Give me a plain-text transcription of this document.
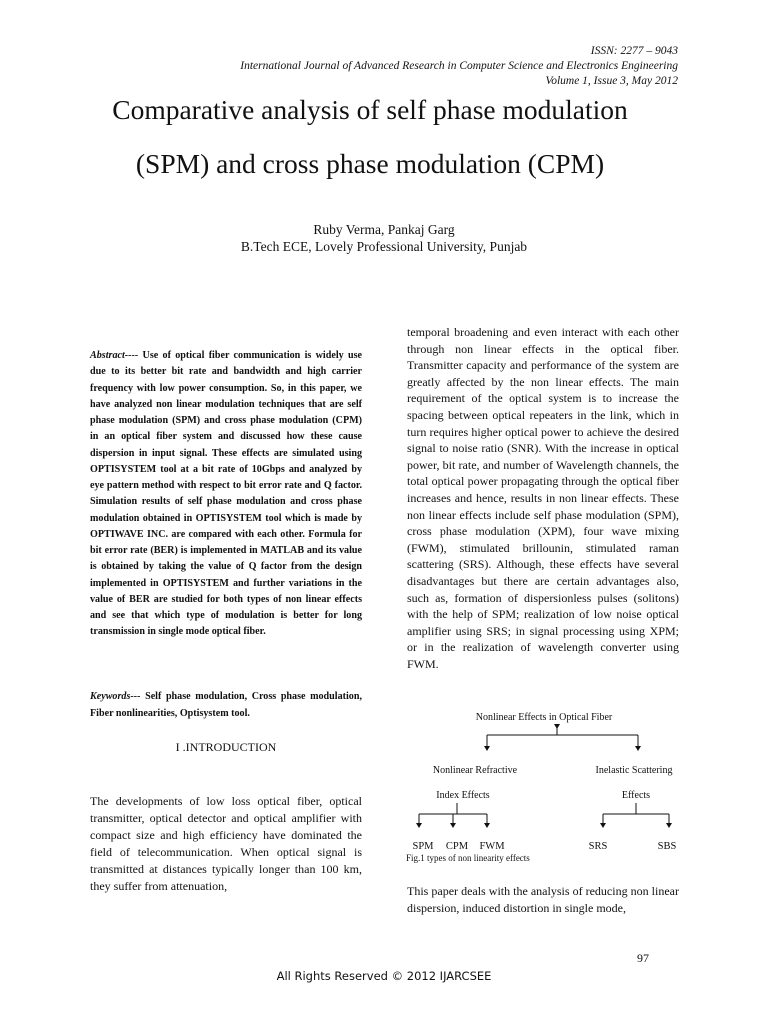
ISSN: 2277 – 9043
International Journal of Advanced Research in Computer Science and Electronics Engineering
Volume 1, Issue 3, May 2012
Comparative analysis of self phase modulation
(SPM) and cross phase modulation (CPM)
Ruby Verma, Pankaj Garg
B.Tech ECE, Lovely Professional University, Punjab

Abstract---- Use of optical fiber communication is widely use due to its better bit rate and bandwidth and high carrier frequency with low power consumption. So, in this paper, we have analyzed non linear modulation techniques that are self phase modulation (SPM) and cross phase modulation (CPM) in an optical fiber system and discussed how these cause dispersion in input signal. These effects are simulated using OPTISYSTEM tool at a bit rate of 10Gbps and analyzed by eye pattern method with respect to bit error rate and Q factor. Simulation results of self phase modulation and cross phase modulation obtained in OPTISYSTEM tool which is made by OPTIWAVE INC. are compared with each other. Formula for bit error rate (BER) is implemented in MATLAB and its value is obtained by taking the value of Q factor from the design implemented in OPTISYSTEM and further variations in the value of BER are studied for both types of non linear effects and see that which type of modulation is better for long transmission in single mode optical fiber.

Keywords--- Self phase modulation, Cross phase modulation, Fiber nonlinearities, Optisystem tool.

I .INTRODUCTION

The developments of low loss optical fiber, optical transmitter, optical detector and optical amplifier with compact size and high efficiency have dominated the field of telecommunication. When optical signal is transmitted at distances typically longer than 100 km, they suffer from attenuation,

temporal broadening and even interact with each other through non linear effects in the optical fiber. Transmitter capacity and performance of the system are greatly affected by the non linear effects. The main requirement of the optical system is to increase the spacing between optical repeaters in the link, which in turn requires higher optical power to achieve the desired signal to noise ratio (SNR). With the increase in optical power, bit rate, and number of Wavelength channels, the total optical power propagating through the optical fiber increases and hence, results in non linear effects. These non linear effects include self phase modulation (SPM), cross phase modulation (XPM), four wave mixing (FWM), stimulated brillounin, stimulated raman scattering (SRS). Although, these effects have several disadvantages but there are certain advantages also, such as, formation of dispersionless pulses (solitons) with the help of SPM; realization of low noise optical amplifier using SRS; in signal processing using XPM; or in the realization of wavelength converter using FWM.

Nonlinear Effects in Optical Fiber
Nonlinear Refractive
Index Effects
Inelastic Scattering
Effects
SPM CPM FWM	SRS	SBS
Fig.1 types of non linearity effects

This paper deals with the analysis of reducing non linear dispersion, induced distortion in single mode,

97
All Rights Reserved © 2012 IJARCSEE
